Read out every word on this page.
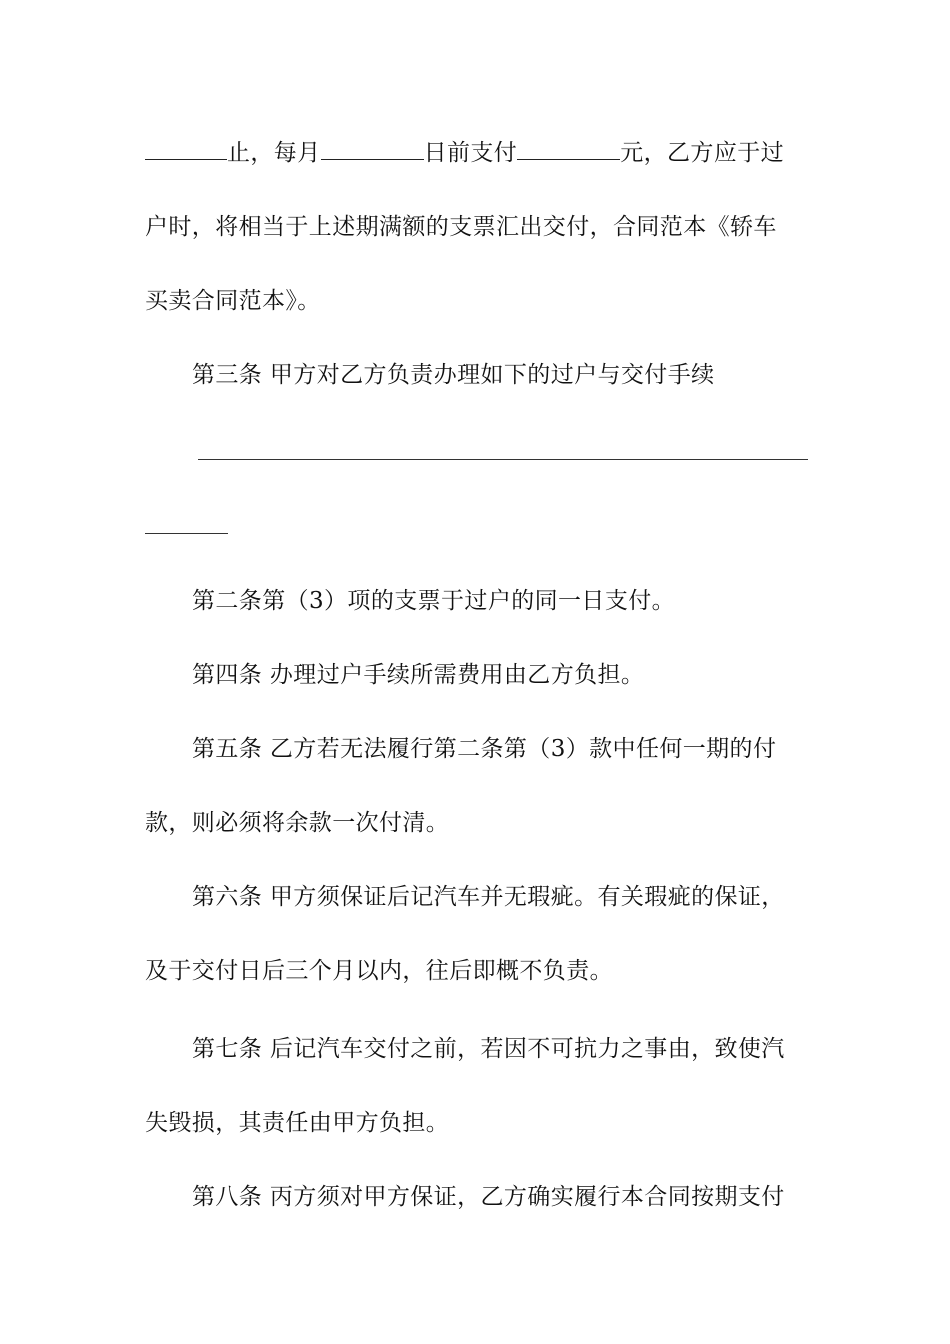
止，每月	日前支付	元，乙方应于过
户时，将相当于上述期满额的支票汇出交付，合同范本《轿车
买卖合同范本》。
第三条 甲方对乙方负责办理如下的过户与交付手续
第二条第（3）项的支票于过户的同一日支付。
第四条 办理过户手续所需费用由乙方负担。
第五条 乙方若无法履行第二条第（3）款中任何一期的付
款，则必须将余款一次付清。
第六条 甲方须保证后记汽车并无瑕疵。有关瑕疵的保证，
及于交付日后三个月以内，往后即概不负责。
第七条 后记汽车交付之前，若因不可抗力之事由，致使汽
失毁损，其责任由甲方负担。
第八条 丙方须对甲方保证，乙方确实履行本合同按期支付
